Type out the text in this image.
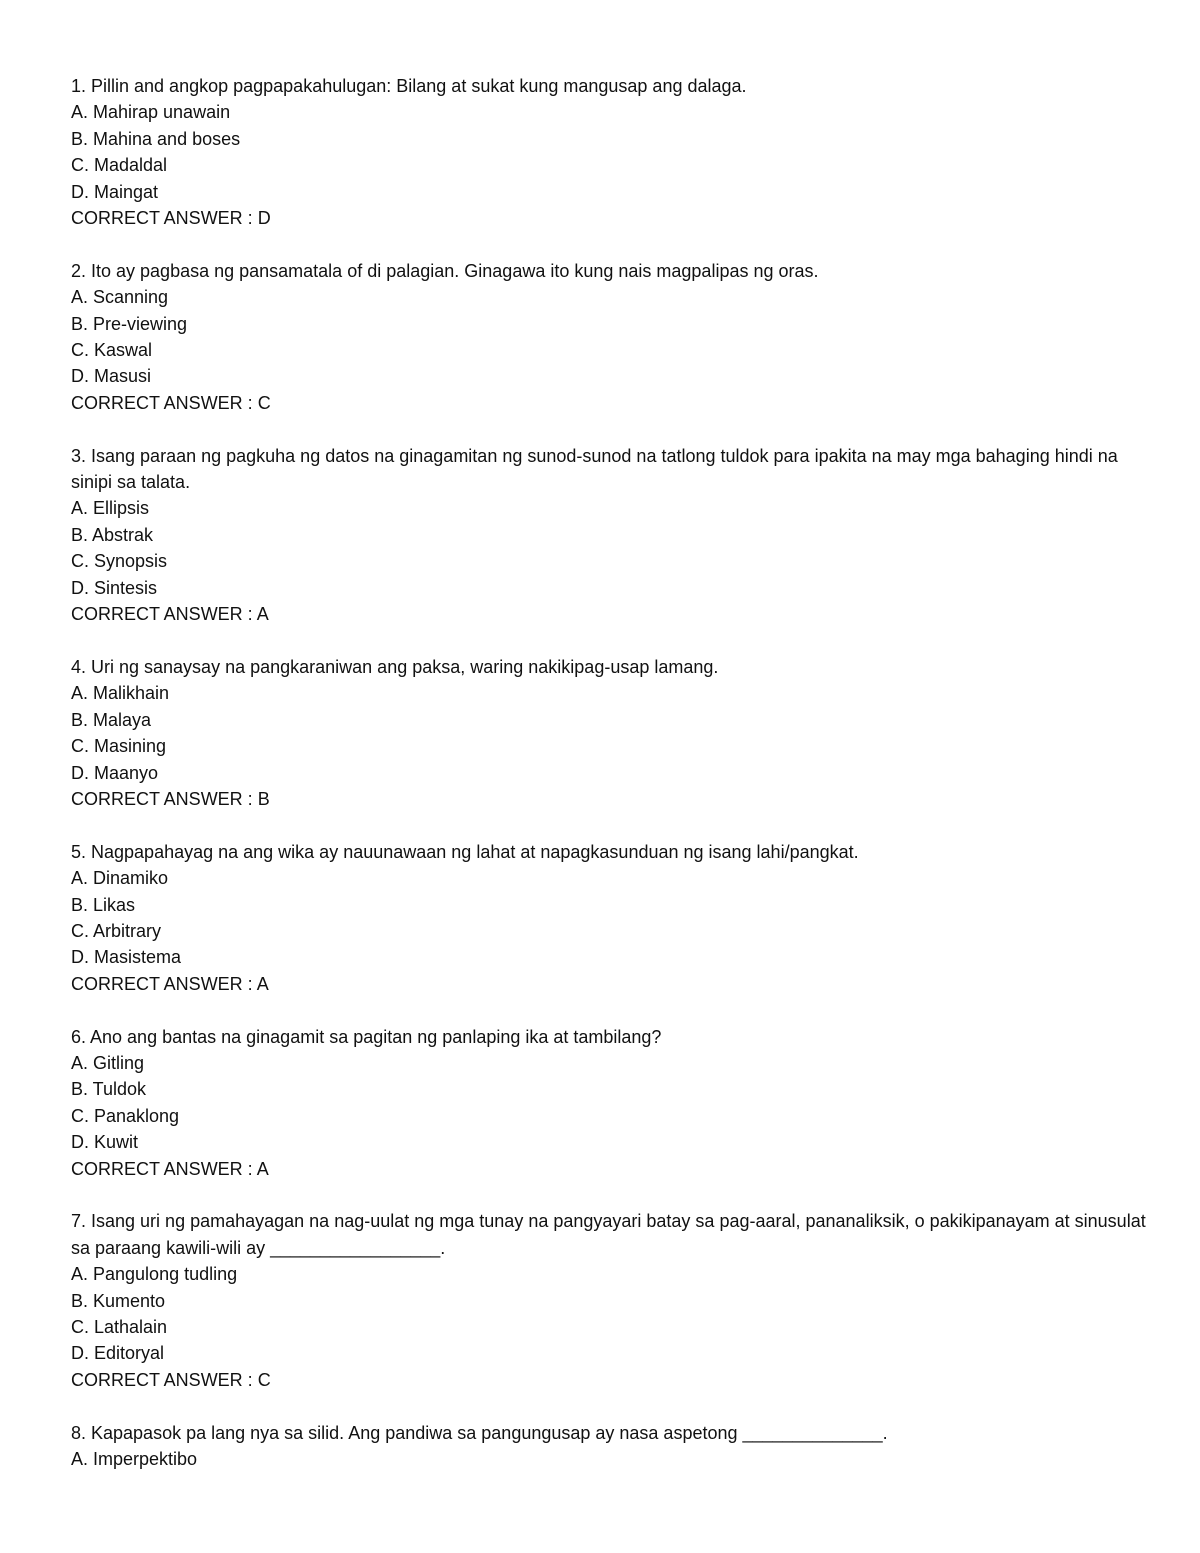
1. Pillin and angkop pagpapakahulugan: Bilang at sukat kung mangusap ang dalaga.

A. Mahirap unawain

B. Mahina and boses

C. Madaldal

D. Maingat

CORRECT ANSWER : D

2. Ito ay pagbasa ng pansamatala of di palagian. Ginagawa ito kung nais magpalipas ng oras.

A. Scanning

B. Pre-viewing

C. Kaswal

D. Masusi

CORRECT ANSWER : C

3. Isang paraan ng pagkuha ng datos na ginagamitan ng sunod-sunod na tatlong tuldok para ipakita na may mga bahaging hindi na sinipi sa talata.

A. Ellipsis

B. Abstrak

C. Synopsis

D. Sintesis

CORRECT ANSWER : A

4. Uri ng sanaysay na pangkaraniwan ang paksa, waring nakikipag-usap lamang.

A. Malikhain

B. Malaya

C. Masining

D. Maanyo

CORRECT ANSWER : B

5. Nagpapahayag na ang wika ay nauunawaan ng lahat at napagkasunduan ng isang lahi/pangkat.

A. Dinamiko

B. Likas

C. Arbitrary

D. Masistema

CORRECT ANSWER : A

6. Ano ang bantas na ginagamit sa pagitan ng panlaping ika at tambilang?

A. Gitling

B. Tuldok

C. Panaklong

D. Kuwit

CORRECT ANSWER : A

7. Isang uri ng pamahayagan na nag-uulat ng mga tunay na pangyayari batay sa pag-aaral, pananaliksik, o pakikipanayam at sinusulat sa paraang kawili-wili ay _________________.

A. Pangulong tudling

B. Kumento

C. Lathalain

D. Editoryal

CORRECT ANSWER : C

8. Kapapasok pa lang nya sa silid. Ang pandiwa sa pangungusap ay nasa aspetong ______________.

A. Imperpektibo
